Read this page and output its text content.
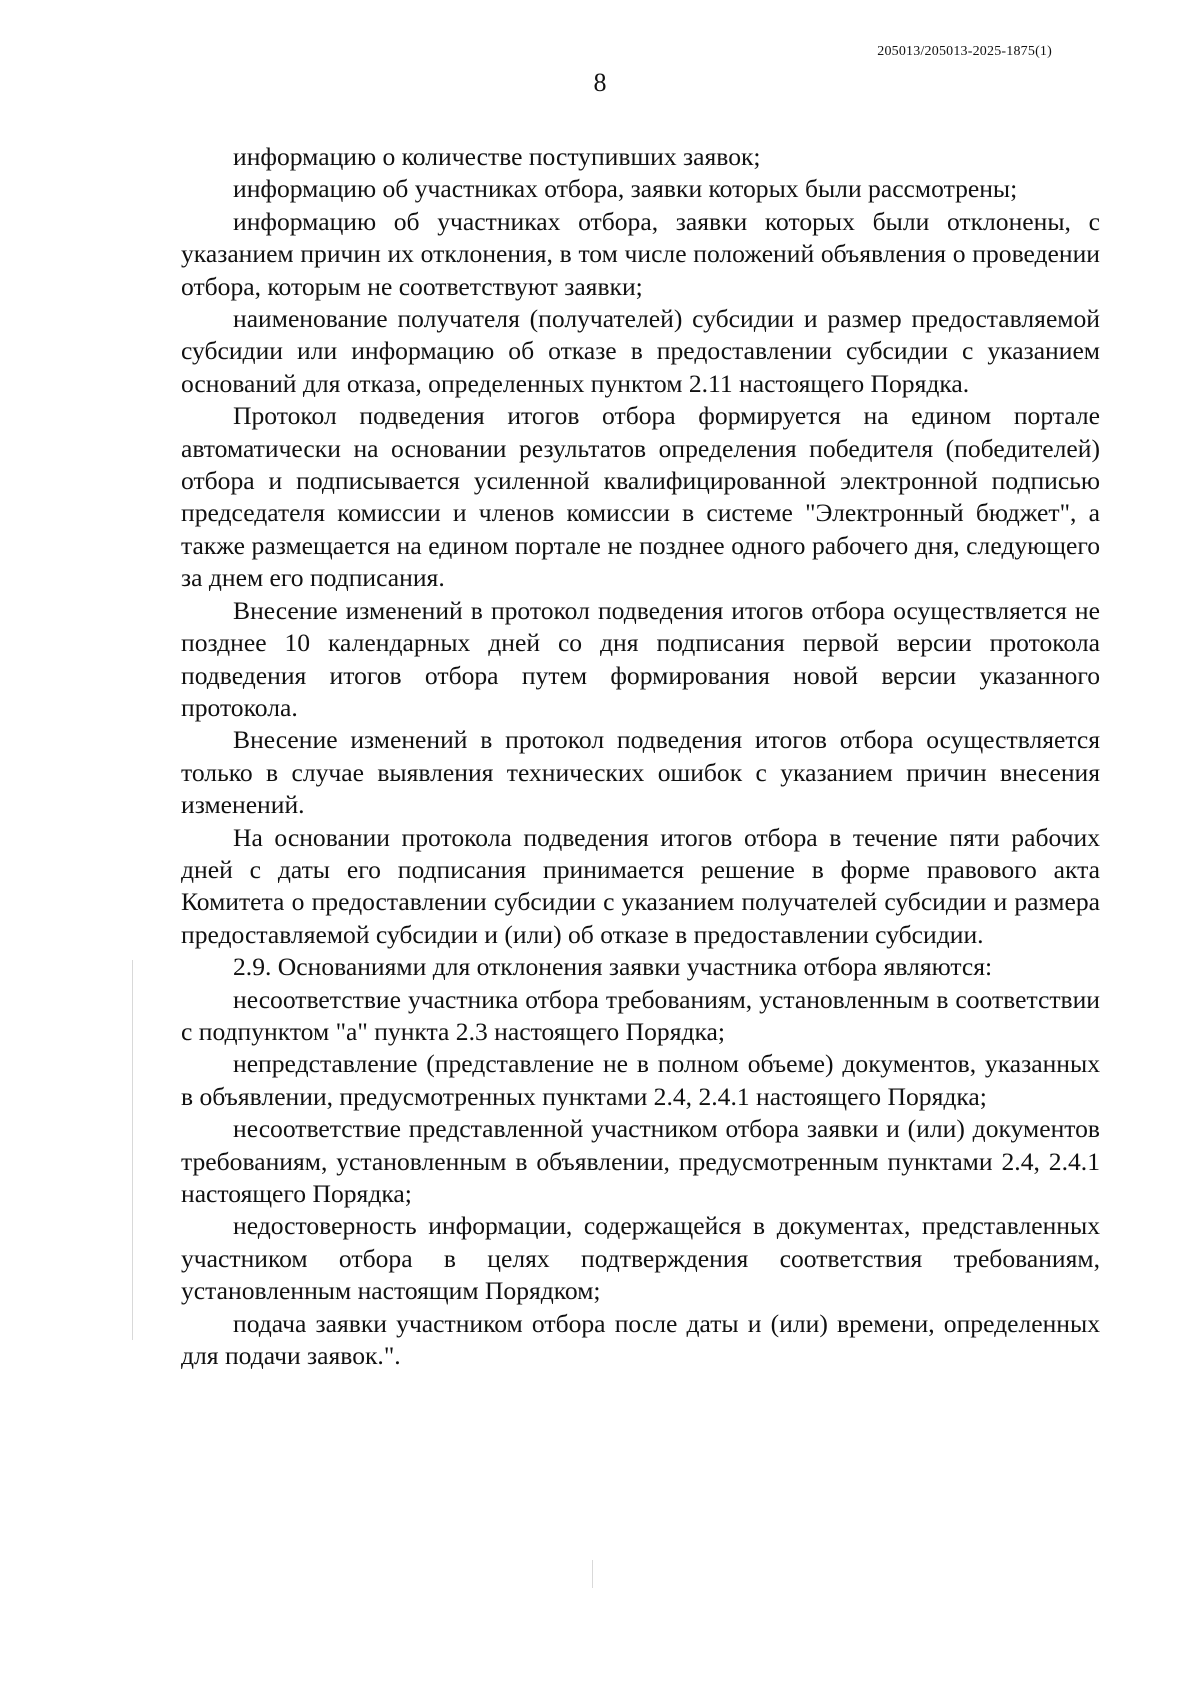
205013/205013-2025-1875(1)
8

информацию о количестве поступивших заявок;

информацию об участниках отбора, заявки которых были рассмотрены;

информацию об участниках отбора, заявки которых были отклонены, с указанием причин их отклонения, в том числе положений объявления о проведении отбора, которым не соответствуют заявки;

наименование получателя (получателей) субсидии и размер предоставляемой субсидии или информацию об отказе в предоставлении субсидии с указанием оснований для отказа, определенных пунктом 2.11 настоящего Порядка.

Протокол подведения итогов отбора формируется на едином портале автоматически на основании результатов определения победителя (победителей) отбора и подписывается усиленной квалифицированной электронной подписью председателя комиссии и членов комиссии в системе "Электронный бюджет", а также размещается на едином портале не позднее одного рабочего дня, следующего за днем его подписания.

Внесение изменений в протокол подведения итогов отбора осуществляется не позднее 10 календарных дней со дня подписания первой версии протокола подведения итогов отбора путем формирования новой версии указанного протокола.

Внесение изменений в протокол подведения итогов отбора осуществляется только в случае выявления технических ошибок с указанием причин внесения изменений.

На основании протокола подведения итогов отбора в течение пяти рабочих дней с даты его подписания принимается решение в форме правового акта Комитета о предоставлении субсидии с указанием получателей субсидии и размера предоставляемой субсидии и (или) об отказе в предоставлении субсидии.

2.9. Основаниями для отклонения заявки участника отбора являются:

несоответствие участника отбора требованиям, установленным в соответствии с подпунктом "а" пункта 2.3 настоящего Порядка;

непредставление (представление не в полном объеме) документов, указанных в объявлении, предусмотренных пунктами 2.4, 2.4.1 настоящего Порядка;

несоответствие представленной участником отбора заявки и (или) документов требованиям, установленным в объявлении, предусмотренным пунктами 2.4, 2.4.1 настоящего Порядка;

недостоверность информации, содержащейся в документах, представленных участником отбора в целях подтверждения соответствия требованиям, установленным настоящим Порядком;

подача заявки участником отбора после даты и (или) времени, определенных для подачи заявок.".
